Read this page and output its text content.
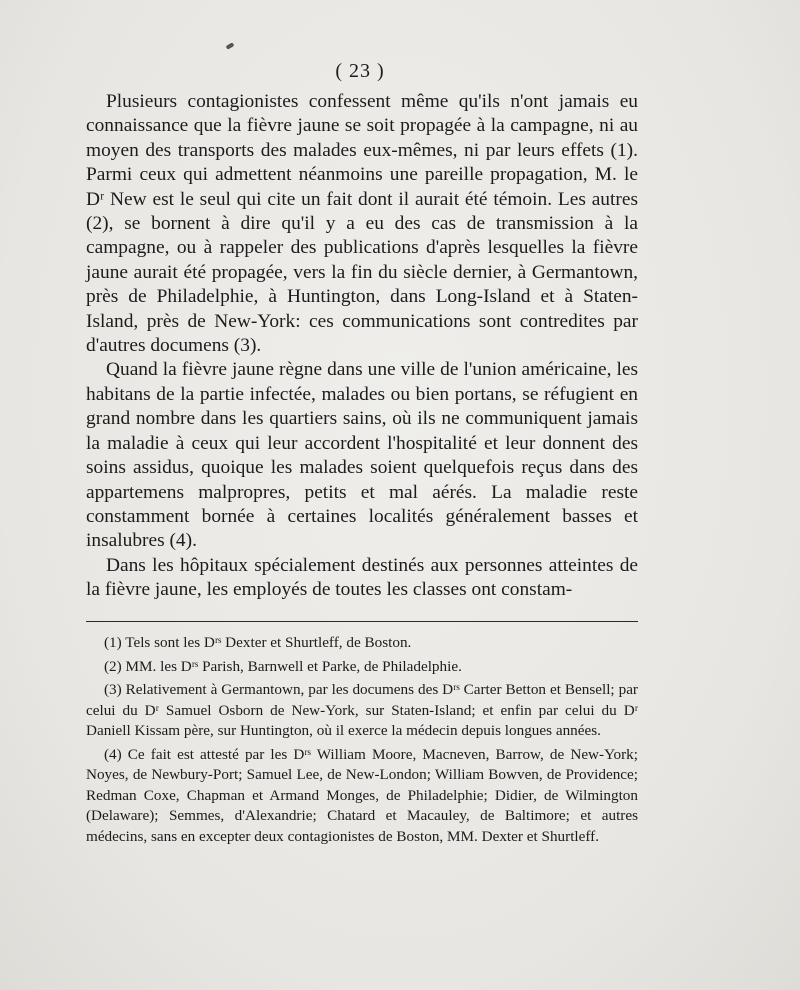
( 23 )

Plusieurs contagionistes confessent même qu'ils n'ont jamais eu connaissance que la fièvre jaune se soit propagée à la campagne, ni au moyen des transports des malades eux-mêmes, ni par leurs effets (1). Parmi ceux qui admettent néanmoins une pareille propagation, M. le Dʳ New est le seul qui cite un fait dont il aurait été témoin. Les autres (2), se bornent à dire qu'il y a eu des cas de transmission à la campagne, ou à rappeler des publications d'après lesquelles la fièvre jaune aurait été propagée, vers la fin du siècle dernier, à Germantown, près de Philadelphie, à Huntington, dans Long-Island et à Staten-Island, près de New-York: ces communications sont contredites par d'autres documens (3).

Quand la fièvre jaune règne dans une ville de l'union américaine, les habitans de la partie infectée, malades ou bien portans, se réfugient en grand nombre dans les quartiers sains, où ils ne communiquent jamais la maladie à ceux qui leur accordent l'hospitalité et leur donnent des soins assidus, quoique les malades soient quelquefois reçus dans des appartemens malpropres, petits et mal aérés. La maladie reste constamment bornée à certaines localités généralement basses et insalubres (4).

Dans les hôpitaux spécialement destinés aux personnes atteintes de la fièvre jaune, les employés de toutes les classes ont constam-

(1) Tels sont les Dʳˢ Dexter et Shurtleff, de Boston.

(2) MM. les Dʳˢ Parish, Barnwell et Parke, de Philadelphie.

(3) Relativement à Germantown, par les documens des Dʳˢ Carter Betton et Bensell; par celui du Dʳ Samuel Osborn de New-York, sur Staten-Island; et enfin par celui du Dʳ Daniell Kissam père, sur Huntington, où il exerce la médecin depuis longues années.

(4) Ce fait est attesté par les Dʳˢ William Moore, Macneven, Barrow, de New-York; Noyes, de Newbury-Port; Samuel Lee, de New-London; William Bowven, de Providence; Redman Coxe, Chapman et Armand Monges, de Philadelphie; Didier, de Wilmington (Delaware); Semmes, d'Alexandrie; Chatard et Macauley, de Baltimore; et autres médecins, sans en excepter deux contagionistes de Boston, MM. Dexter et Shurtleff.
